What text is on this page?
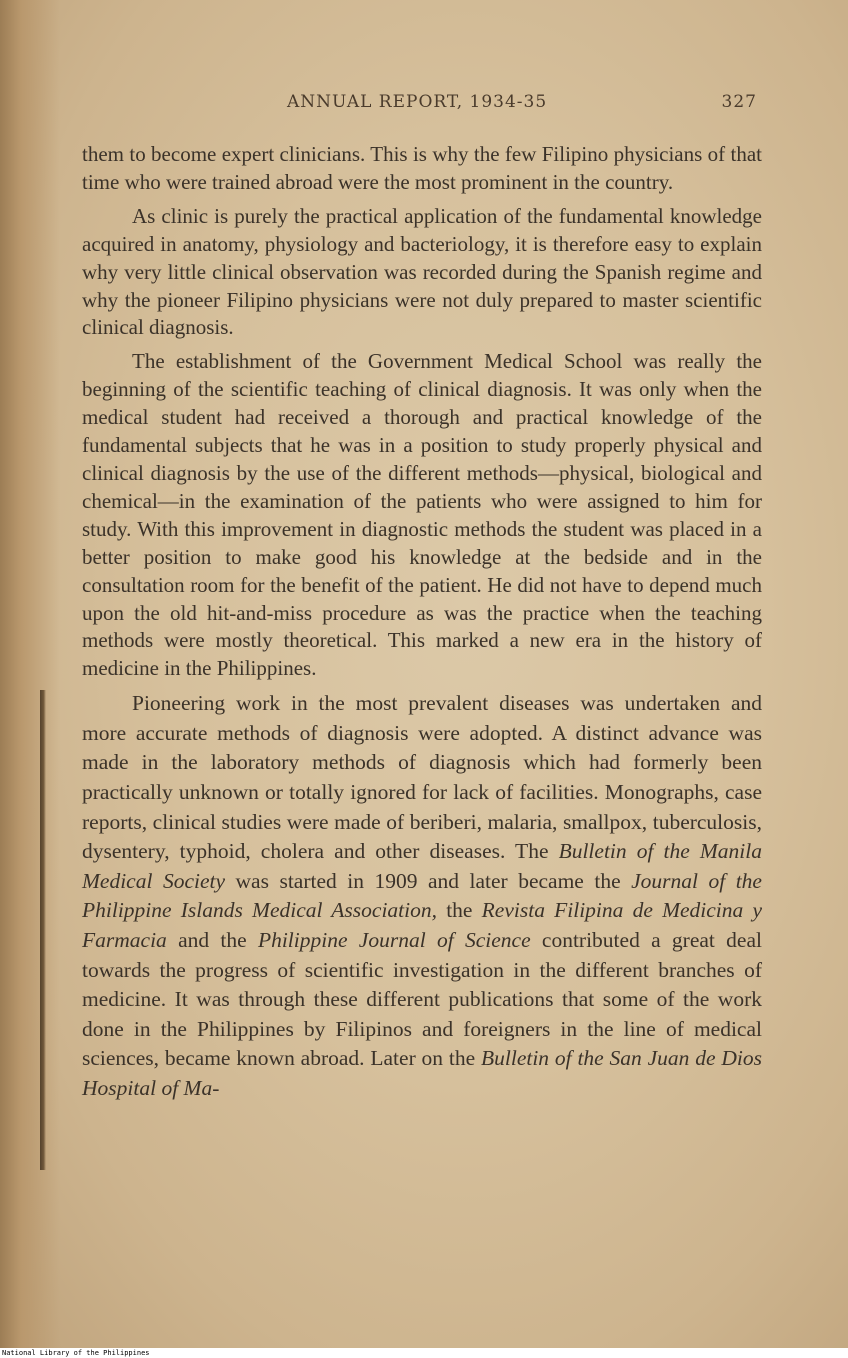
ANNUAL REPORT, 1934-35	327

them to become expert clinicians. This is why the few Filipino physicians of that time who were trained abroad were the most prominent in the country.

As clinic is purely the practical application of the fundamental knowledge acquired in anatomy, physiology and bacteriology, it is therefore easy to explain why very little clinical observation was recorded during the Spanish regime and why the pioneer Filipino physicians were not duly prepared to master scientific clinical diagnosis.

The establishment of the Government Medical School was really the beginning of the scientific teaching of clinical diagnosis. It was only when the medical student had received a thorough and practical knowledge of the fundamental subjects that he was in a position to study properly physical and clinical diagnosis by the use of the different methods—physical, biological and chemical—in the examination of the patients who were assigned to him for study. With this improvement in diagnostic methods the student was placed in a better position to make good his knowledge at the bedside and in the consultation room for the benefit of the patient. He did not have to depend much upon the old hit-and-miss procedure as was the practice when the teaching methods were mostly theoretical. This marked a new era in the history of medicine in the Philippines.

Pioneering work in the most prevalent diseases was undertaken and more accurate methods of diagnosis were adopted. A distinct advance was made in the laboratory methods of diagnosis which had formerly been practically unknown or totally ignored for lack of facilities. Monographs, case reports, clinical studies were made of beriberi, malaria, smallpox, tuberculosis, dysentery, typhoid, cholera and other diseases. The Bulletin of the Manila Medical Society was started in 1909 and later became the Journal of the Philippine Islands Medical Association, the Revista Filipina de Medicina y Farmacia and the Philippine Journal of Science contributed a great deal towards the progress of scientific investigation in the different branches of medicine. It was through these different publications that some of the work done in the Philippines by Filipinos and foreigners in the line of medical sciences, became known abroad. Later on the Bulletin of the San Juan de Dios Hospital of Ma-

National Library of the Philippines
